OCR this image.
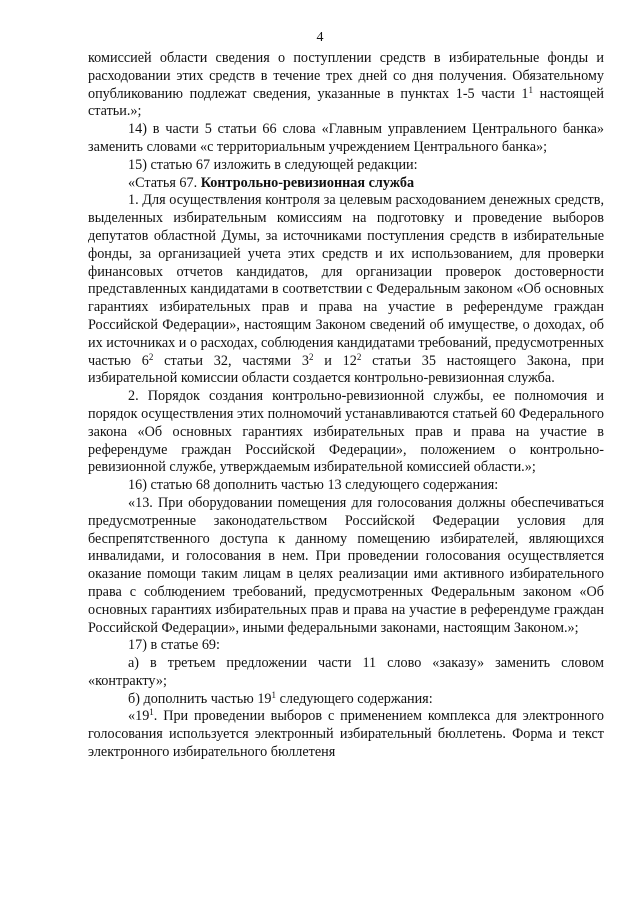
4

комиссией области сведения о поступлении средств в избирательные фонды и расходовании этих средств в течение трех дней со дня получения. Обязательному опубликованию подлежат сведения, указанные в пунктах 1-5 части $1^1$ настоящей статьи.»;

14) в части 5 статьи 66 слова «Главным управлением Центрального банка» заменить словами «с территориальным учреждением Центрального банка»;

15) статью 67 изложить в следующей редакции:

«Статья 67. Контрольно-ревизионная служба

1. Для осуществления контроля за целевым расходованием денежных средств, выделенных избирательным комиссиям на подготовку и проведение выборов депутатов областной Думы, за источниками поступления средств в избирательные фонды, за организацией учета этих средств и их использованием, для проверки финансовых отчетов кандидатов, для организации проверок достоверности представленных кандидатами в соответствии с Федеральным законом «Об основных гарантиях избирательных прав и права на участие в референдуме граждан Российской Федерации», настоящим Законом сведений об имуществе, о доходах, об их источниках и о расходах, соблюдения кандидатами требований, предусмотренных частью $6^2$ статьи 32, частями $3^2$ и $12^2$ статьи 35 настоящего Закона, при избирательной комиссии области создается контрольно-ревизионная служба.

2. Порядок создания контрольно-ревизионной службы, ее полномочия и порядок осуществления этих полномочий устанавливаются статьей 60 Федерального закона «Об основных гарантиях избирательных прав и права на участие в референдуме граждан Российской Федерации», положением о контрольно-ревизионной службе, утверждаемым избирательной комиссией области.»;

16) статью 68 дополнить частью 13 следующего содержания:

«13. При оборудовании помещения для голосования должны обеспечиваться предусмотренные законодательством Российской Федерации условия для беспрепятственного доступа к данному помещению избирателей, являющихся инвалидами, и голосования в нем. При проведении голосования осуществляется оказание помощи таким лицам в целях реализации ими активного избирательного права с соблюдением требований, предусмотренных Федеральным законом «Об основных гарантиях избирательных прав и права на участие в референдуме граждан Российской Федерации», иными федеральными законами, настоящим Законом.»;

17) в статье 69:

а) в третьем предложении части 11 слово «заказу» заменить словом «контракту»;

б) дополнить частью $19^1$ следующего содержания:

«$19^1$. При проведении выборов с применением комплекса для электронного голосования используется электронный избирательный бюллетень. Форма и текст электронного избирательного бюллетеня
